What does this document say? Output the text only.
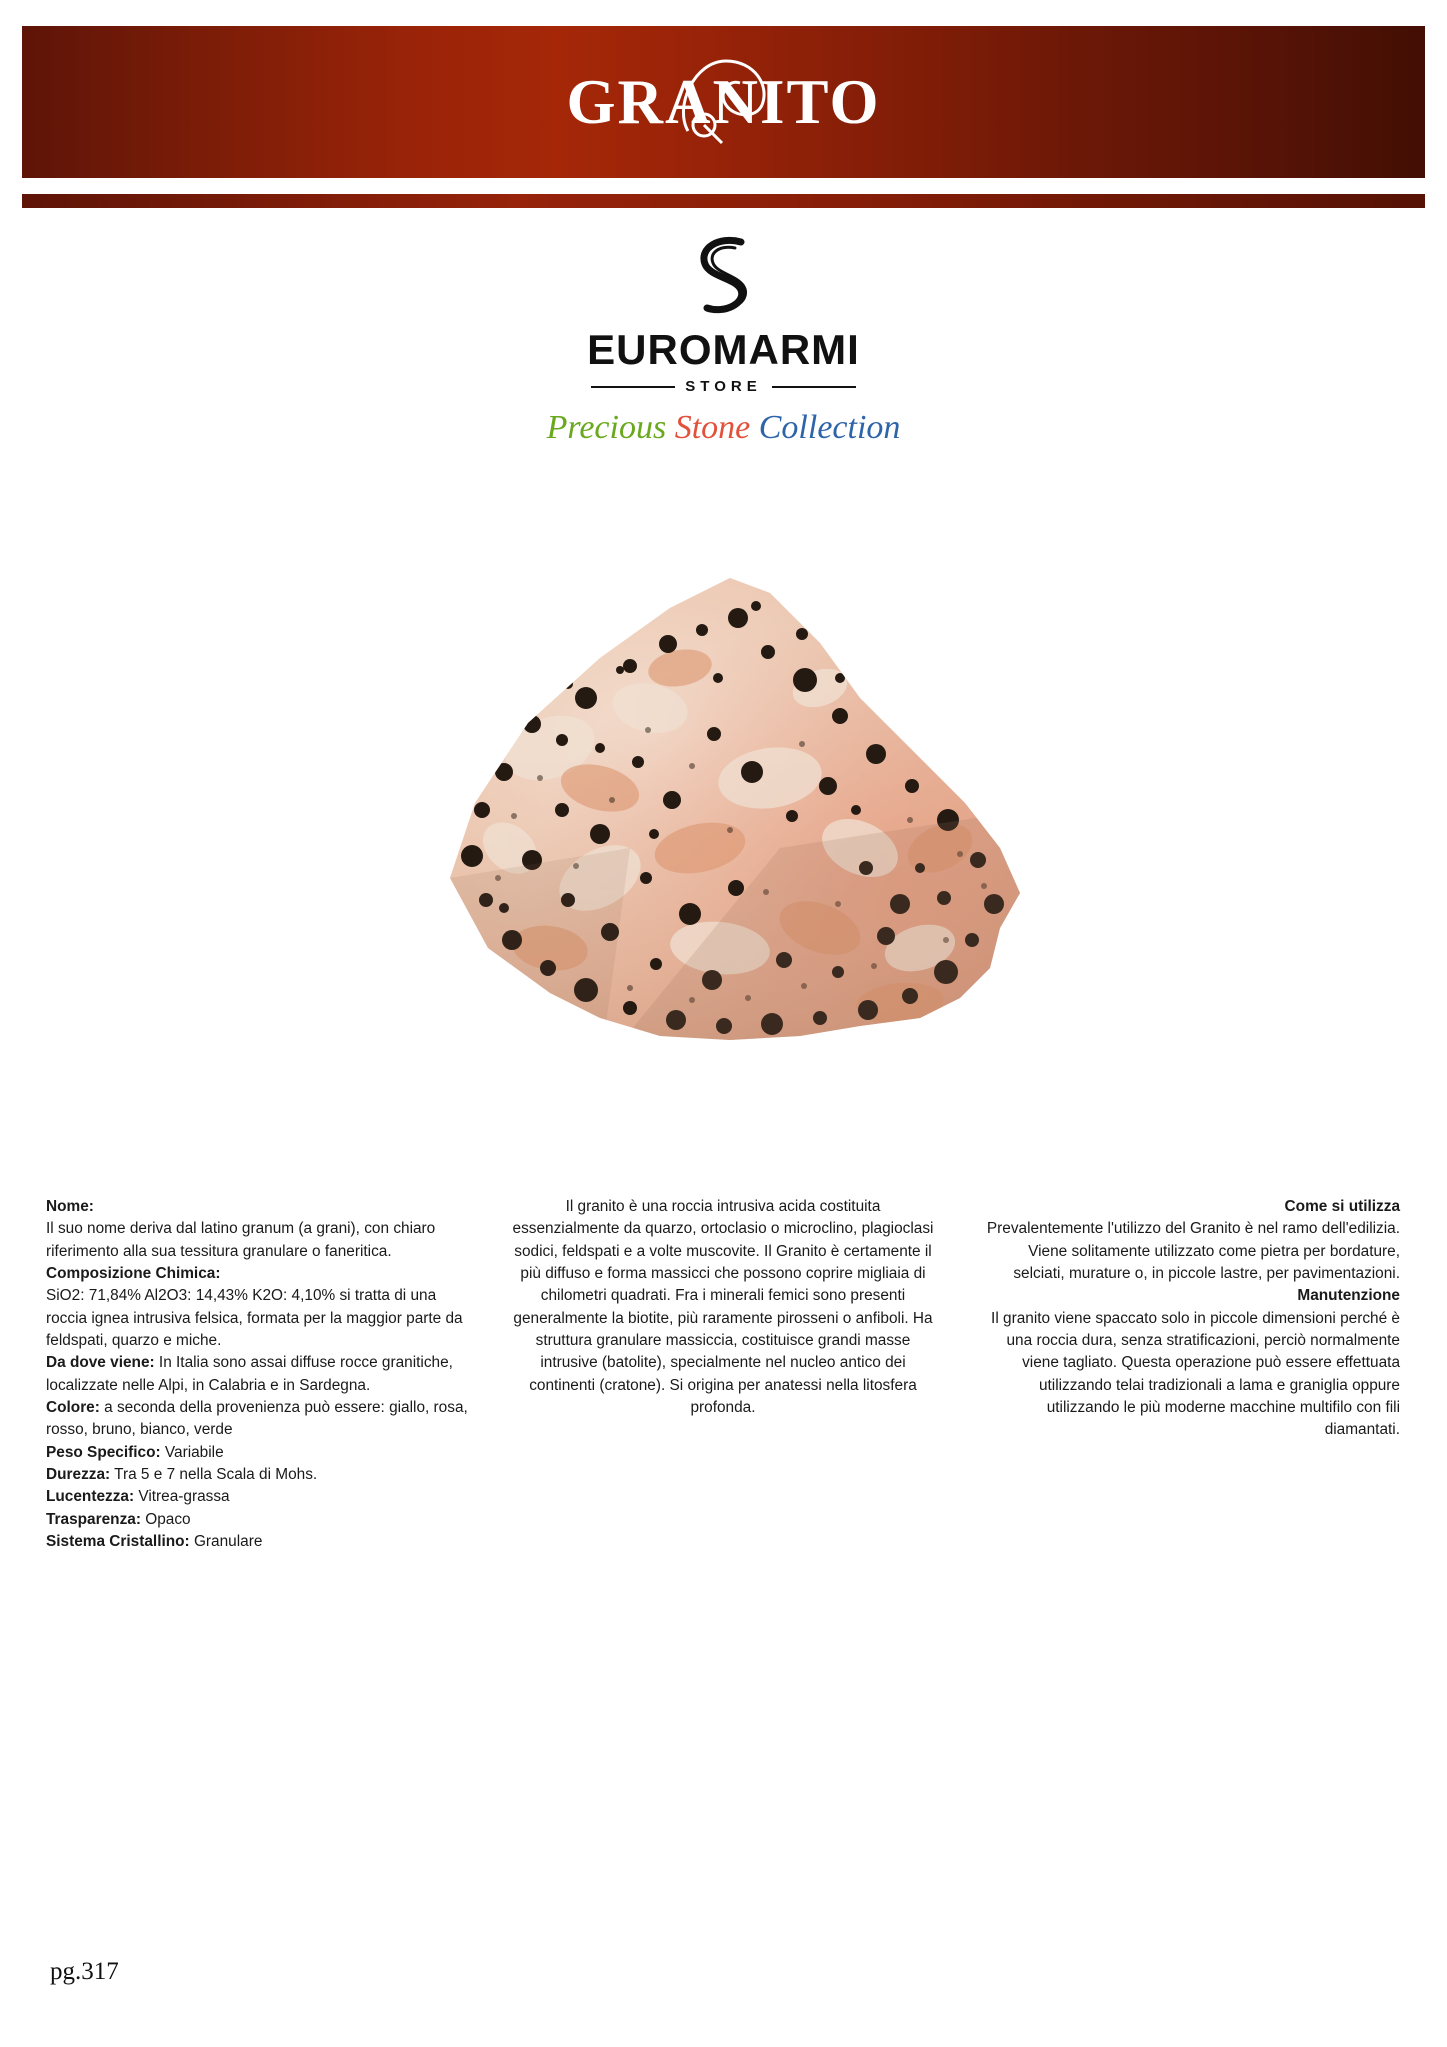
GRANITO
EUROMARMI
STORE
Precious Stone Collection

Nome:
Il suo nome deriva dal latino granum (a grani), con chiaro riferimento alla sua tessitura granulare o faneritica.

Composizione Chimica:
SiO2: 71,84% Al2O3: 14,43% K2O: 4,10% si tratta di una roccia ignea intrusiva felsica, formata per la maggior parte da feldspati, quarzo e miche.

Da dove viene: In Italia sono assai diffuse rocce granitiche, localizzate nelle Alpi, in Calabria e in Sardegna.

Colore: a seconda della provenienza può essere: giallo, rosa, rosso, bruno, bianco, verde

Peso Specifico: Variabile

Durezza: Tra 5 e 7 nella Scala di Mohs.

Lucentezza: Vitrea-grassa

Trasparenza: Opaco

Sistema Cristallino: Granulare

Il granito è una roccia intrusiva acida costituita essenzialmente da quarzo, ortoclasio o microclino, plagioclasi sodici, feldspati e a volte muscovite. Il Granito è certamente il più diffuso e forma massicci che possono coprire migliaia di chilometri quadrati. Fra i minerali femici sono presenti generalmente la biotite, più raramente pirosseni o anfiboli. Ha struttura granulare massiccia, costituisce grandi masse intrusive (batolite), specialmente nel nucleo antico dei continenti (cratone). Si origina per anatessi nella litosfera profonda.

Come si utilizza
Prevalentemente l'utilizzo del Granito è nel ramo dell'edilizia. Viene solitamente utilizzato come pietra per bordature, selciati, murature o, in piccole lastre, per pavimentazioni.

Manutenzione
Il granito viene spaccato solo in piccole dimensioni perché è una roccia dura, senza stratificazioni, perciò normalmente viene tagliato. Questa operazione può essere effettuata utilizzando telai tradizionali a lama e graniglia oppure utilizzando le più moderne macchine multifilo con fili diamantati.

pg.317
